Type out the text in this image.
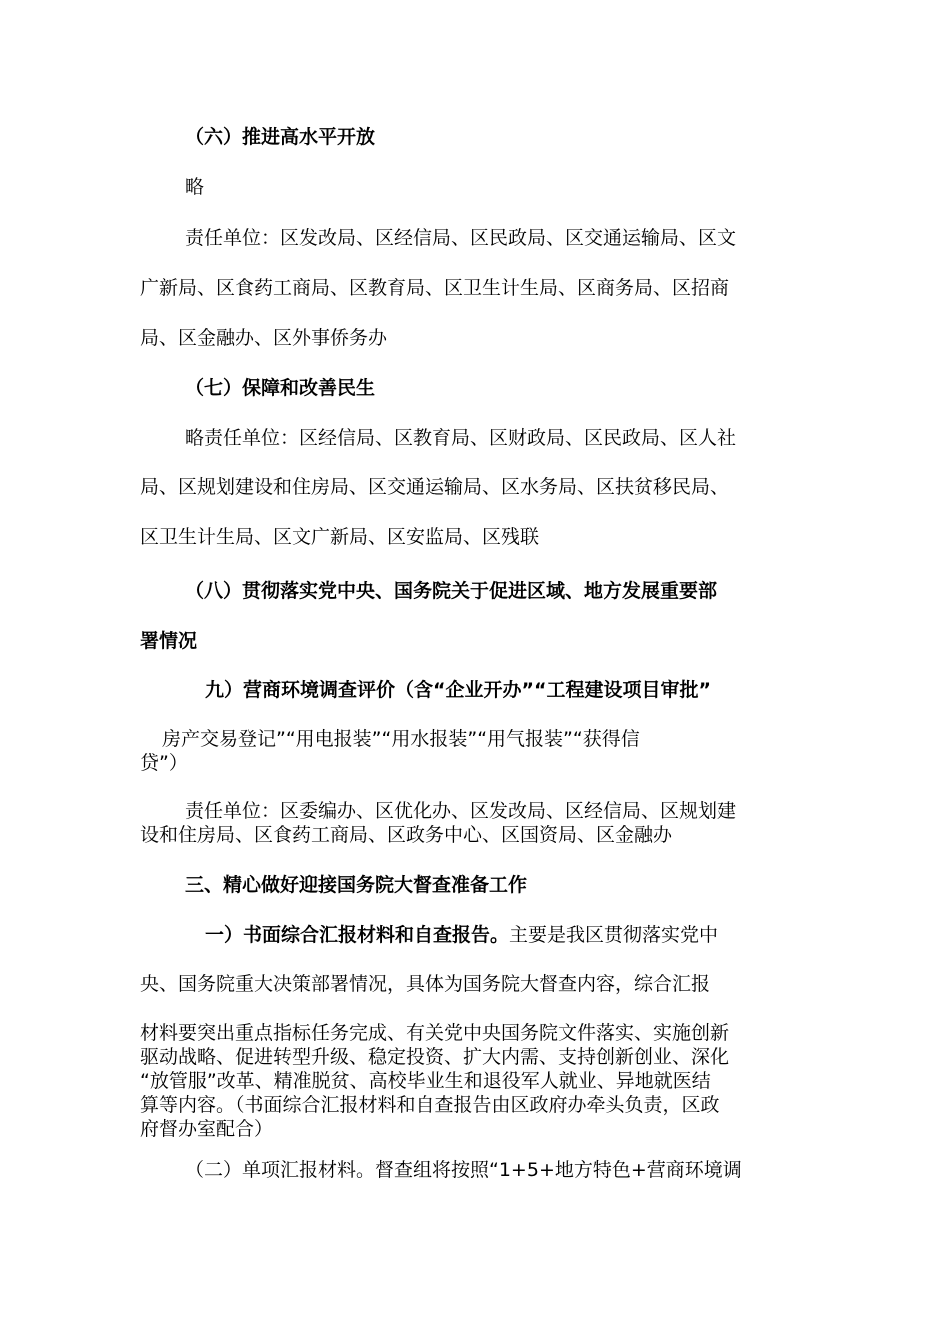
（六）推进高水平开放

略

责任单位：区发改局、区经信局、区民政局、区交通运输局、区文

广新局、区食药工商局、区教育局、区卫生计生局、区商务局、区招商

局、区金融办、区外事侨务办

（七）保障和改善民生

略责任单位：区经信局、区教育局、区财政局、区民政局、区人社

局、区规划建设和住房局、区交通运输局、区水务局、区扶贫移民局、

区卫生计生局、区文广新局、区安监局、区残联

（八）贯彻落实党中央、国务院关于促进区域、地方发展重要部

署情况

九）营商环境调查评价（含“企业开办”“工程建设项目审批”

房产交易登记”“用电报装”“用水报装”“用气报装”“获得信

贷”）

责任单位：区委编办、区优化办、区发改局、区经信局、区规划建

设和住房局、区食药工商局、区政务中心、区国资局、区金融办

三、精心做好迎接国务院大督查准备工作

一）书面综合汇报材料和自查报告。主要是我区贯彻落实党中

央、国务院重大决策部署情况，具体为国务院大督查内容，综合汇报

材料要突出重点指标任务完成、有关党中央国务院文件落实、实施创新

驱动战略、促进转型升级、稳定投资、扩大内需、支持创新创业、深化

“放管服”改革、精准脱贫、高校毕业生和退役军人就业、异地就医结

算等内容。（书面综合汇报材料和自查报告由区政府办牵头负责，区政

府督办室配合）

（二）单项汇报材料。督查组将按照“1+5+地方特色+营商环境调
